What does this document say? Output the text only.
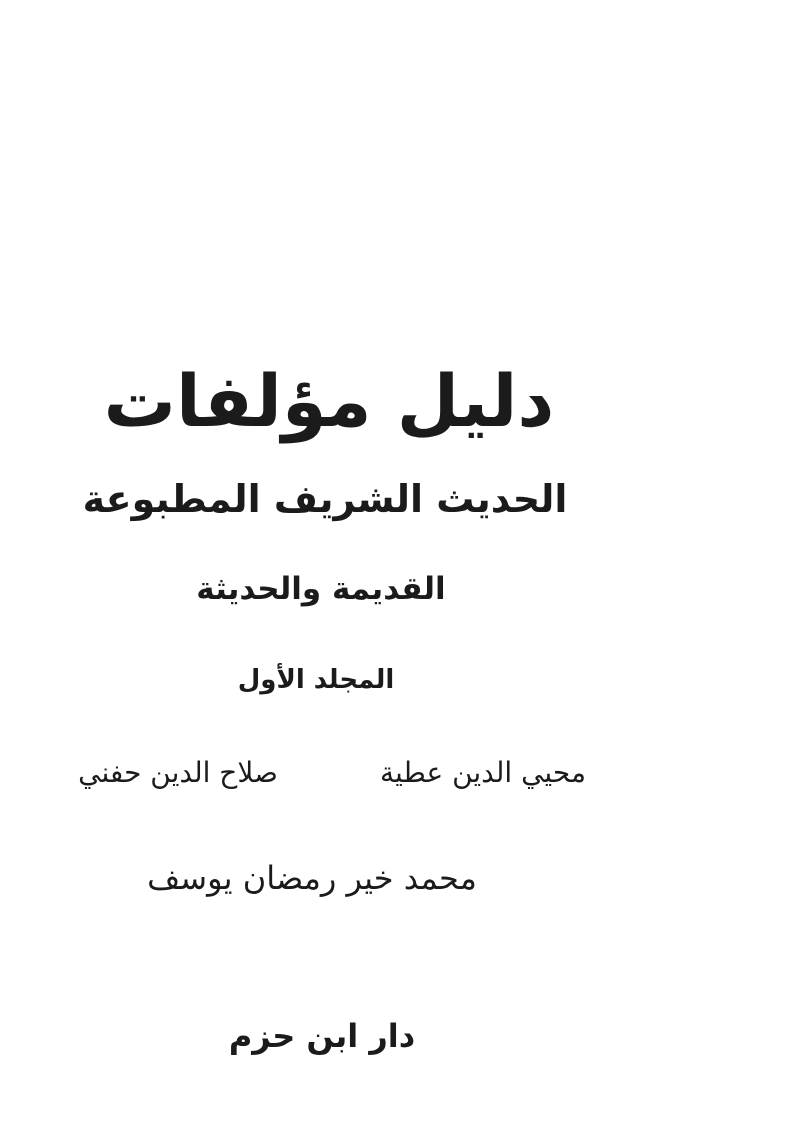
دليل مؤلفات
الحديث الشريف المطبوعة
القديمة والحديثة
المجلد الأول
محيي الدين عطية
صلاح الدين حفني
محمد خير رمضان يوسف
دار ابن حزم
